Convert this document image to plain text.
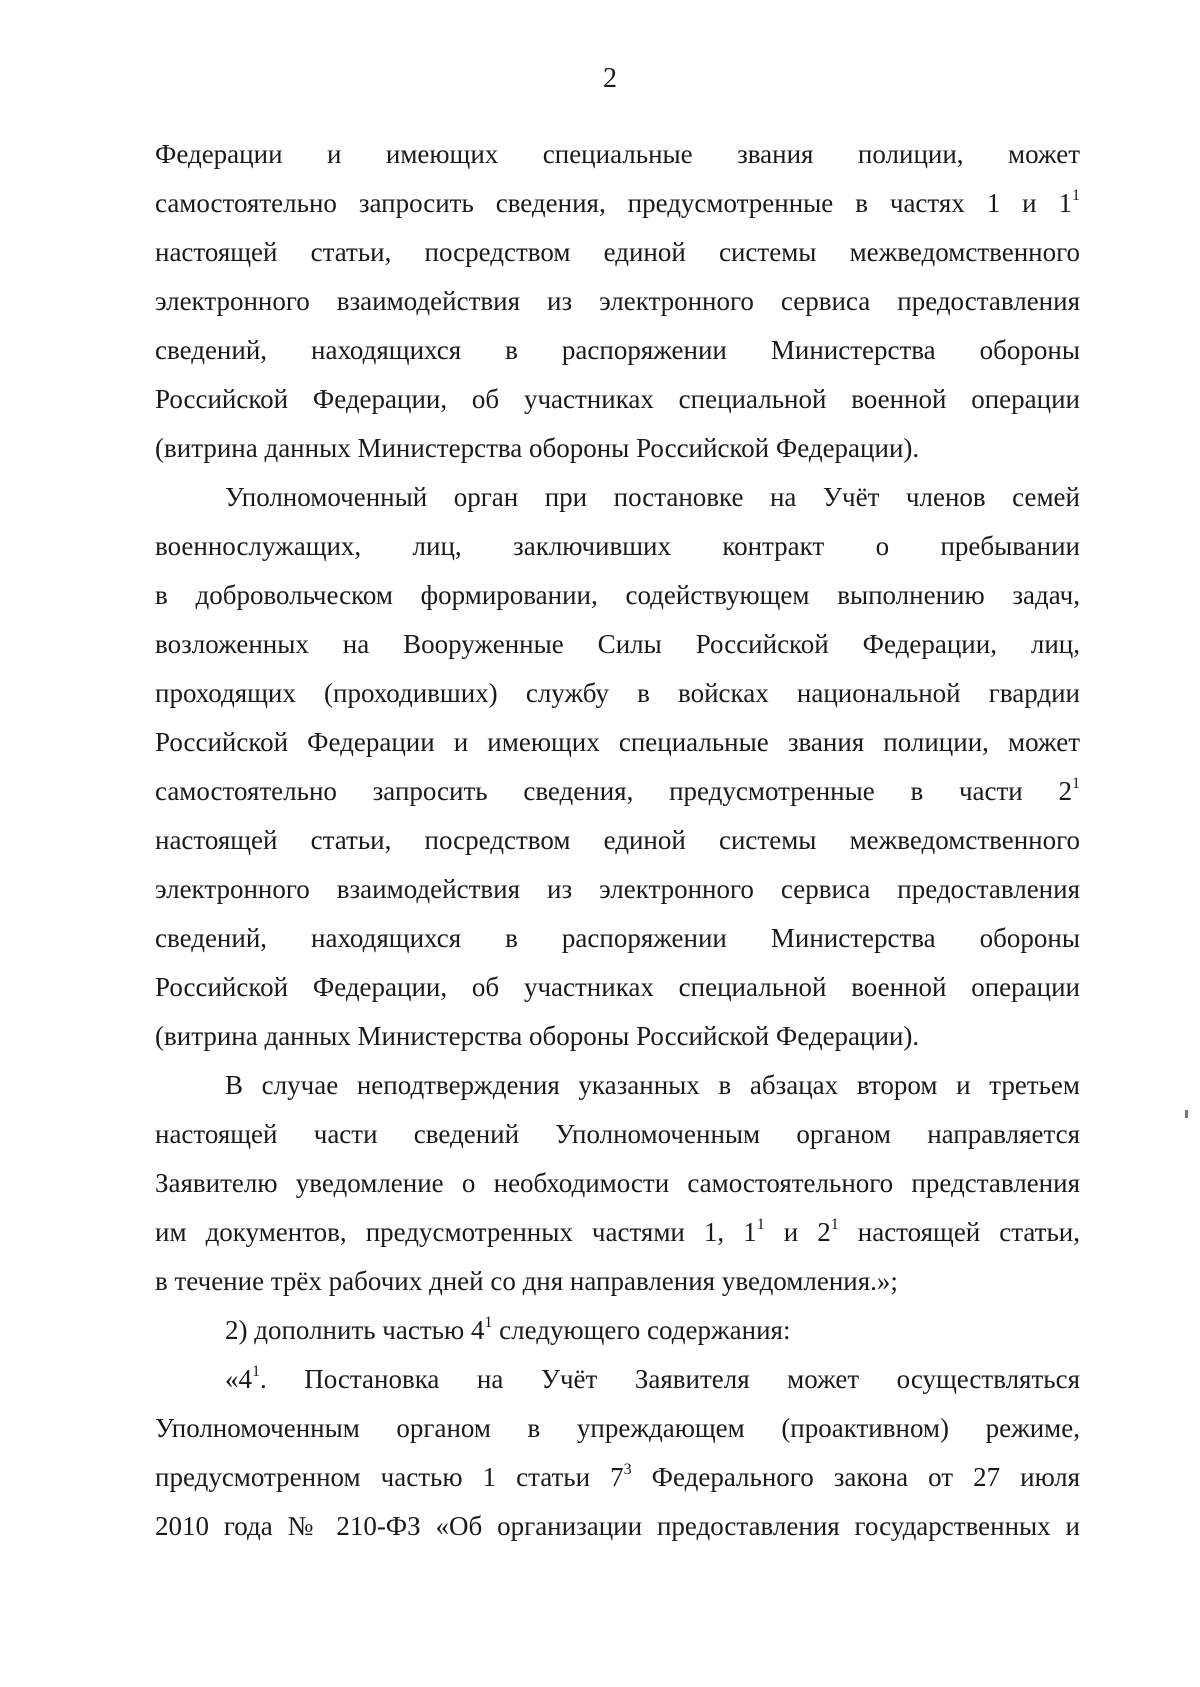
2
Федерации и имеющих специальные звания полиции, может
самостоятельно запросить сведения, предусмотренные в частях 1 и $1^1$
настоящей статьи, посредством единой системы межведомственного
электронного взаимодействия из электронного сервиса предоставления
сведений, находящихся в распоряжении Министерства обороны
Российской Федерации, об участниках специальной военной операции
(витрина данных Министерства обороны Российской Федерации).
Уполномоченный орган при постановке на Учёт членов семей
военнослужащих, лиц, заключивших контракт о пребывании
в добровольческом формировании, содействующем выполнению задач,
возложенных на Вооруженные Силы Российской Федерации, лиц,
проходящих (проходивших) службу в войсках национальной гвардии
Российской Федерации и имеющих специальные звания полиции, может
самостоятельно запросить сведения, предусмотренные в части $2^1$
настоящей статьи, посредством единой системы межведомственного
электронного взаимодействия из электронного сервиса предоставления
сведений, находящихся в распоряжении Министерства обороны
Российской Федерации, об участниках специальной военной операции
(витрина данных Министерства обороны Российской Федерации).
В случае неподтверждения указанных в абзацах втором и третьем
настоящей части сведений Уполномоченным органом направляется
Заявителю уведомление о необходимости самостоятельного представления
им документов, предусмотренных частями 1, $1^1$ и $2^1$ настоящей статьи,
в течение трёх рабочих дней со дня направления уведомления.»;
2) дополнить частью $4^1$ следующего содержания:
«$4^1$. Постановка на Учёт Заявителя может осуществляться
Уполномоченным органом в упреждающем (проактивном) режиме,
предусмотренном частью 1 статьи $7^3$ Федерального закона от 27 июля
2010 года № 210-ФЗ «Об организации предоставления государственных и
